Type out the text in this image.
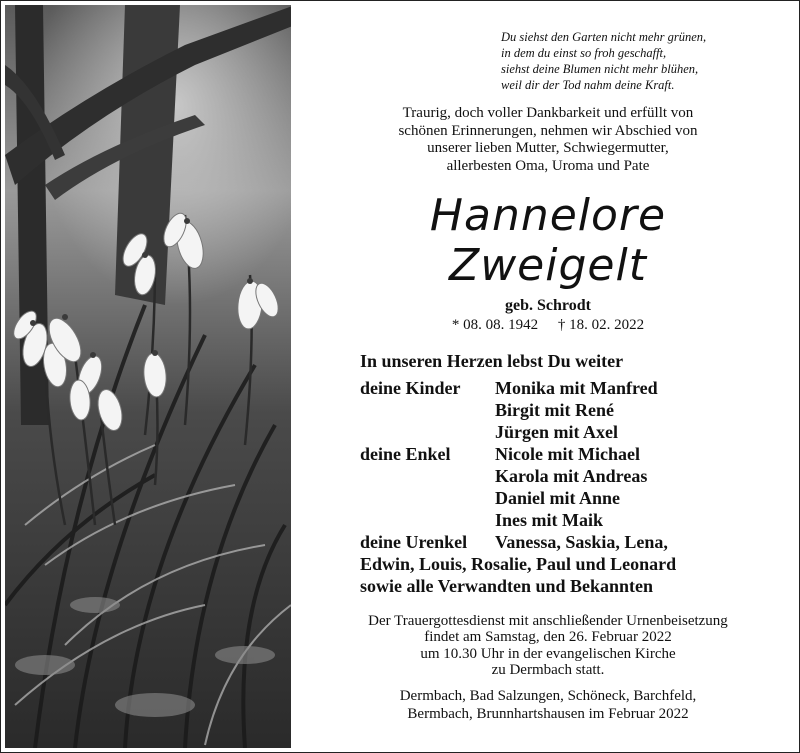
Du siehst den Garten nicht mehr grünen,
in dem du einst so froh geschafft,
siehst deine Blumen nicht mehr blühen,
weil dir der Tod nahm deine Kraft.
Traurig, doch voller Dankbarkeit und erfüllt von
schönen Erinnerungen, nehmen wir Abschied von
unserer lieben Mutter, Schwiegermutter,
allerbesten Oma, Uroma und Pate
Hannelore
Zweigelt
geb. Schrodt
* 08. 08. 1942 † 18. 02. 2022
In unseren Herzen lebst Du weiter
deine Kinder	Monika mit Manfred
Birgit mit René
Jürgen mit Axel
deine Enkel	Nicole mit Michael
Karola mit Andreas
Daniel mit Anne
Ines mit Maik
deine Urenkel	Vanessa, Saskia, Lena,
Edwin, Louis, Rosalie, Paul und Leonard
sowie alle Verwandten und Bekannten
Der Trauergottesdienst mit anschließender Urnenbeisetzung
findet am Samstag, den 26. Februar 2022
um 10.30 Uhr in der evangelischen Kirche
zu Dermbach statt.
Dermbach, Bad Salzungen, Schöneck, Barchfeld,
Bermbach, Brunnhartshausen im Februar 2022
